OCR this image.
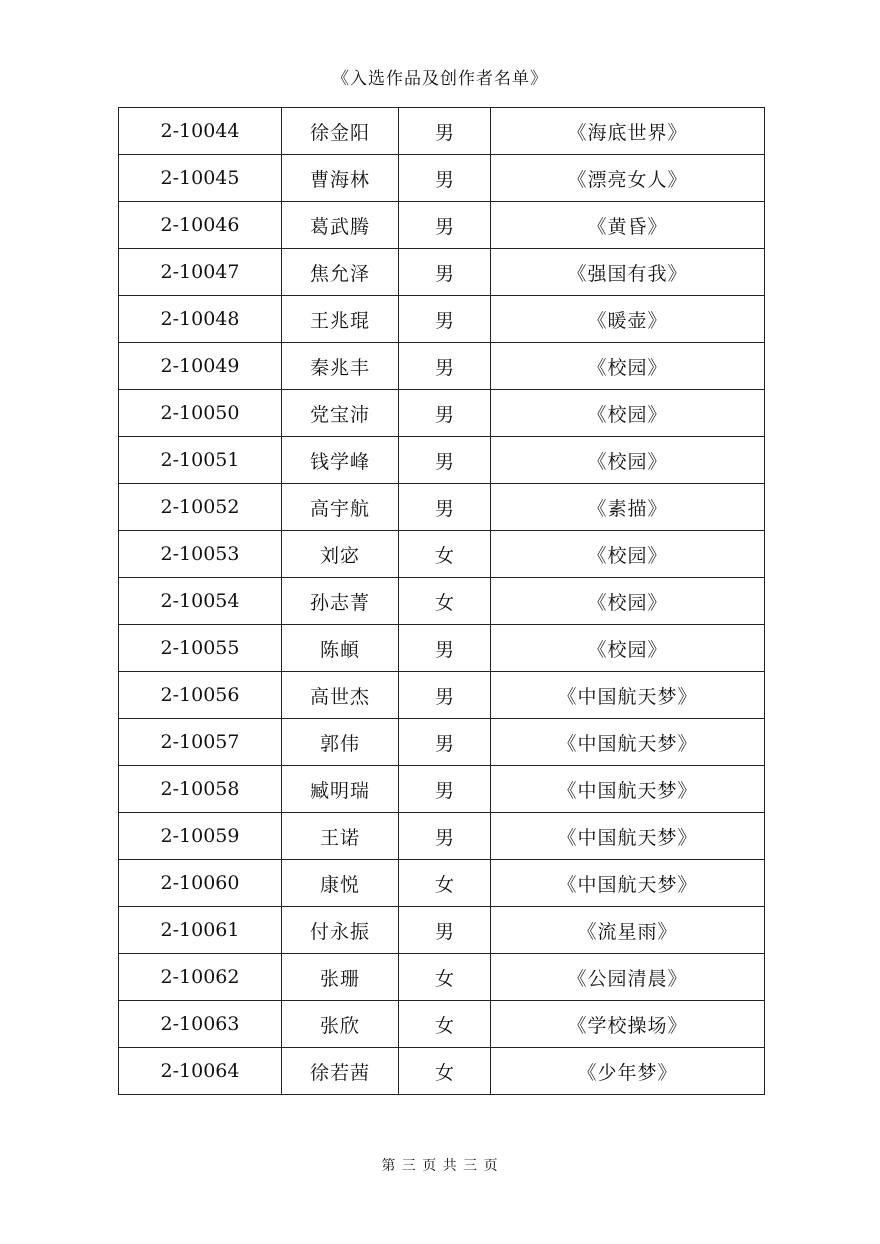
《入选作品及创作者名单》
2-10044	徐金阳	男	《海底世界》
2-10045	曹海林	男	《漂亮女人》
2-10046	葛武腾	男	《黄昏》
2-10047	焦允泽	男	《强国有我》
2-10048	王兆琨	男	《暖壶》
2-10049	秦兆丰	男	《校园》
2-10050	党宝沛	男	《校园》
2-10051	钱学峰	男	《校园》
2-10052	高宇航	男	《素描》
2-10053	刘宓	女	《校园》
2-10054	孙志菁	女	《校园》
2-10055	陈頔	男	《校园》
2-10056	高世杰	男	《中国航天梦》
2-10057	郭伟	男	《中国航天梦》
2-10058	臧明瑞	男	《中国航天梦》
2-10059	王诺	男	《中国航天梦》
2-10060	康悦	女	《中国航天梦》
2-10061	付永振	男	《流星雨》
2-10062	张珊	女	《公园清晨》
2-10063	张欣	女	《学校操场》
2-10064	徐若茜	女	《少年梦》
第 三 页 共 三 页
